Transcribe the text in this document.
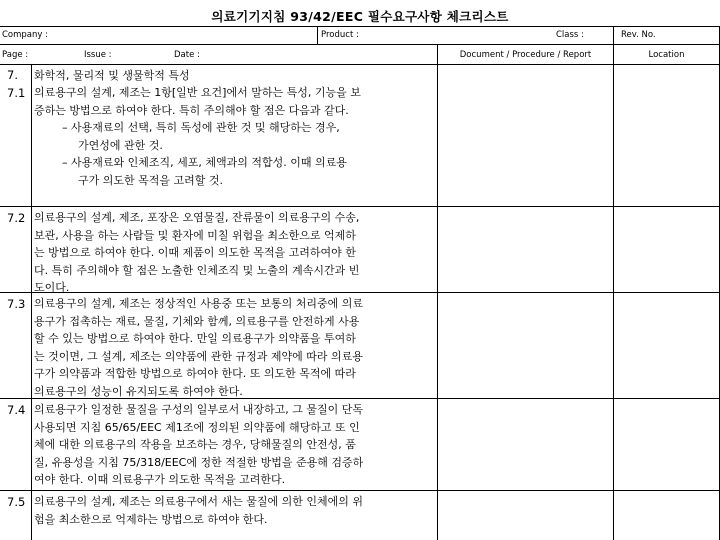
의료기기지침 93/42/EEC 필수요구사항 체크리스트
Company :	Product :	Class :	Rev. No.
Page :	Issue :	Date :	Document / Procedure / Report	Location
7.
7.1
화학적, 물리적 및 생물학적 특성
의료용구의 설계, 제조는 1항[일반 요건]에서 말하는 특성, 기능을 보
증하는 방법으로 하여야 한다. 특히 주의해야 할 점은 다음과 같다.
– 사용재료의 선택, 특히 독성에 관한 것 및 해당하는 경우,
가연성에 관한 것.
– 사용재료와 인체조직, 세포, 체액과의 적합성. 이때 의료용
구가 의도한 목적을 고려할 것.
7.2 의료용구의 설계, 제조, 포장은 오염물질, 잔류물이 의료용구의 수송,
보관, 사용을 하는 사람들 및 환자에 미칠 위험을 최소한으로 억제하
는 방법으로 하여야 한다. 이때 제품이 의도한 목적을 고려하여야 한
다. 특히 주의해야 할 점은 노출한 인체조직 및 노출의 계속시간과 빈
도이다.
7.3 의료용구의 설계, 제조는 정상적인 사용중 또는 보통의 처리중에 의료
용구가 접촉하는 재료, 물질, 기체와 함께, 의료용구를 안전하게 사용
할 수 있는 방법으로 하여야 한다. 만일 의료용구가 의약품을 투여하
는 것이면, 그 설계, 제조는 의약품에 관한 규정과 제약에 따라 의료용
구가 의약품과 적합한 방법으로 하여야 한다. 또 의도한 목적에 따라
의료용구의 성능이 유지되도록 하여야 한다.
7.4 의료용구가 일정한 물질을 구성의 일부로서 내장하고, 그 물질이 단독
사용되면 지침 65/65/EEC 제1조에 정의된 의약품에 해당하고 또 인
체에 대한 의료용구의 작용을 보조하는 경우, 당해물질의 안전성, 품
질, 유용성을 지침 75/318/EEC에 정한 적절한 방법을 준용해 검증하
여야 한다. 이때 의료용구가 의도한 목적을 고려한다.
7.5 의료용구의 설계, 제조는 의료용구에서 새는 물질에 의한 인체에의 위
험을 최소한으로 억제하는 방법으로 하여야 한다.
